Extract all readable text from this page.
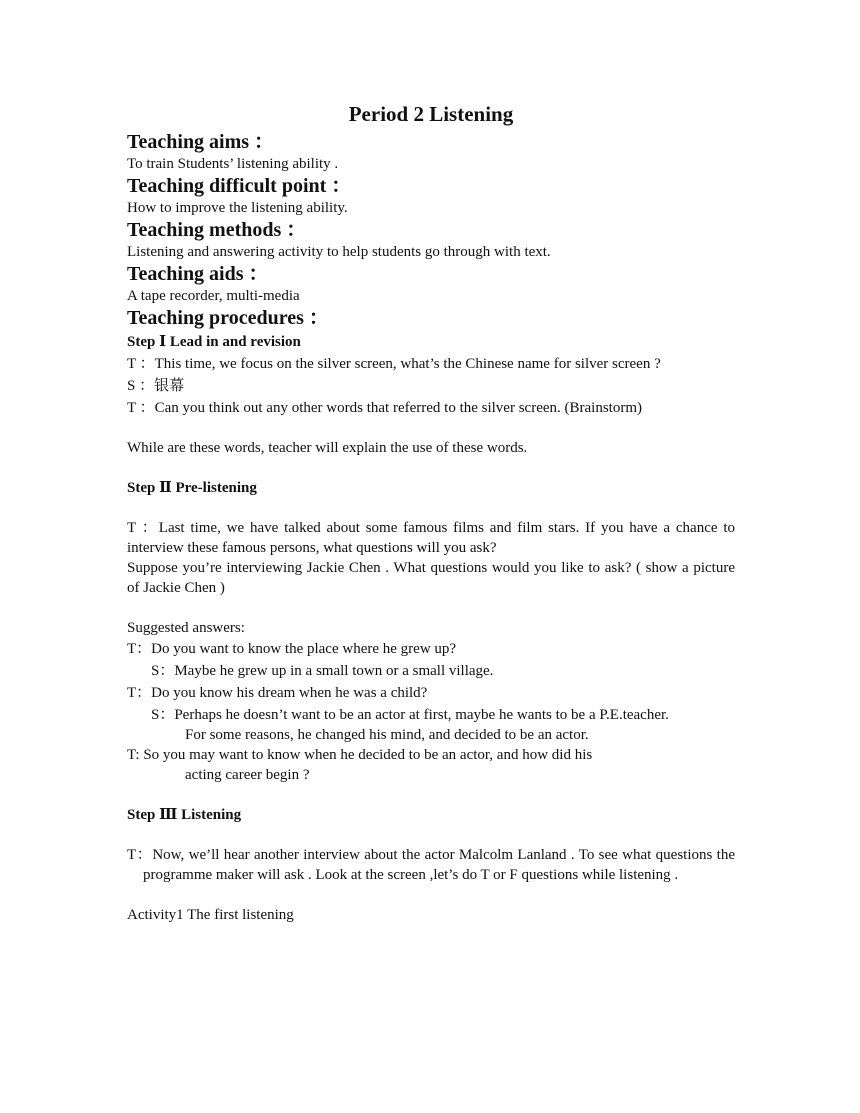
Period 2 Listening

Teaching aims ：

To train Students’ listening ability .

Teaching difficult point ：

How to improve the listening ability.

Teaching methods ：

Listening and answering activity to help students go through with text.

Teaching aids ：

A tape recorder, multi-media

Teaching procedures ：

Step Ⅰ Lead in and revision

T ：This time, we focus on the silver screen, what’s the Chinese name for silver screen ?

S ：银幕

T ：Can you think out any other words that referred to the silver screen. (Brainstorm)

While are these words, teacher will explain the use of these words.

Step Ⅱ Pre-listening

T ：Last time, we have talked about some famous films and film stars. If you have a chance to interview these famous persons, what questions will you ask?

Suppose you’re interviewing Jackie Chen . What questions would you like to ask? ( show a picture of Jackie Chen )

Suggested answers:

T：Do you want to know the place where he grew up?

S：Maybe he grew up in a small town or a small village.

T：Do you know his dream when he was a child?

S：Perhaps he doesn’t want to be an actor at first, maybe he wants to be a P.E.teacher.

For some reasons, he changed his mind, and decided to be an actor.

T: So you may want to know when he decided to be an actor, and how did his

acting career begin ?

Step Ⅲ Listening

T：Now, we’ll hear another interview about the actor Malcolm Lanland . To see what questions the programme maker will ask . Look at the screen ,let’s do T or F questions while listening .

Activity1 The first listening
